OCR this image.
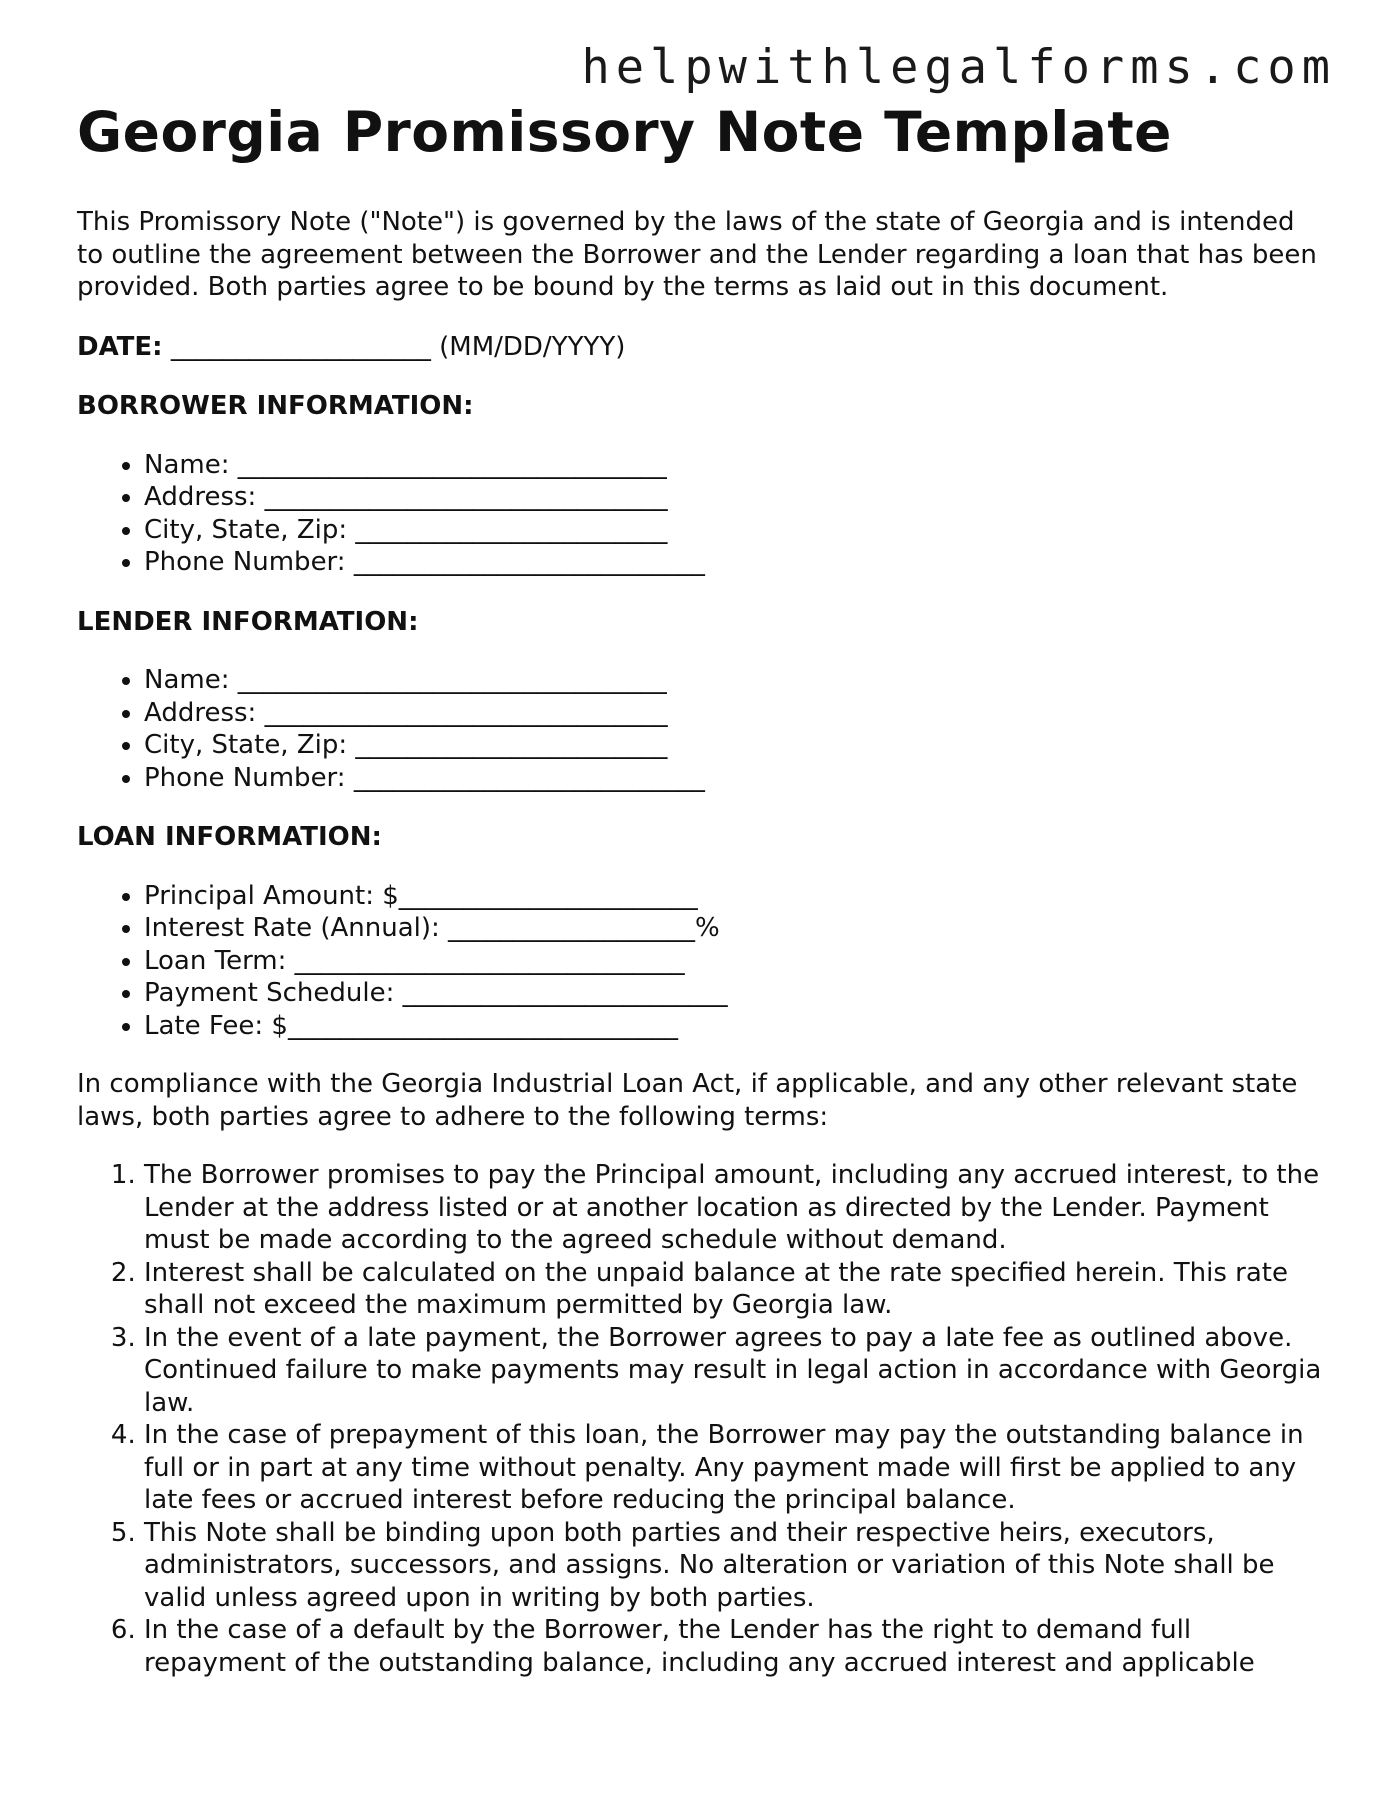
helpwithlegalforms.com
Georgia Promissory Note Template

This Promissory Note ("Note") is governed by the laws of the state of Georgia and is intended to outline the agreement between the Borrower and the Lender regarding a loan that has been provided. Both parties agree to be bound by the terms as laid out in this document.

DATE: ____________________ (MM/DD/YYYY)

BORROWER INFORMATION:

• Name: _________________________________
• Address: _______________________________
• City, State, Zip: ________________________
• Phone Number: ___________________________

LENDER INFORMATION:

• Name: _________________________________
• Address: _______________________________
• City, State, Zip: ________________________
• Phone Number: ___________________________

LOAN INFORMATION:

• Principal Amount: $_______________________
• Interest Rate (Annual): ___________________%
• Loan Term: ______________________________
• Payment Schedule: _________________________
• Late Fee: $______________________________

In compliance with the Georgia Industrial Loan Act, if applicable, and any other relevant state laws, both parties agree to adhere to the following terms:

1. The Borrower promises to pay the Principal amount, including any accrued interest, to the Lender at the address listed or at another location as directed by the Lender. Payment must be made according to the agreed schedule without demand.
2. Interest shall be calculated on the unpaid balance at the rate specified herein. This rate shall not exceed the maximum permitted by Georgia law.
3. In the event of a late payment, the Borrower agrees to pay a late fee as outlined above. Continued failure to make payments may result in legal action in accordance with Georgia law.
4. In the case of prepayment of this loan, the Borrower may pay the outstanding balance in full or in part at any time without penalty. Any payment made will first be applied to any late fees or accrued interest before reducing the principal balance.
5. This Note shall be binding upon both parties and their respective heirs, executors, administrators, successors, and assigns. No alteration or variation of this Note shall be valid unless agreed upon in writing by both parties.
6. In the case of a default by the Borrower, the Lender has the right to demand full repayment of the outstanding balance, including any accrued interest and applicable
